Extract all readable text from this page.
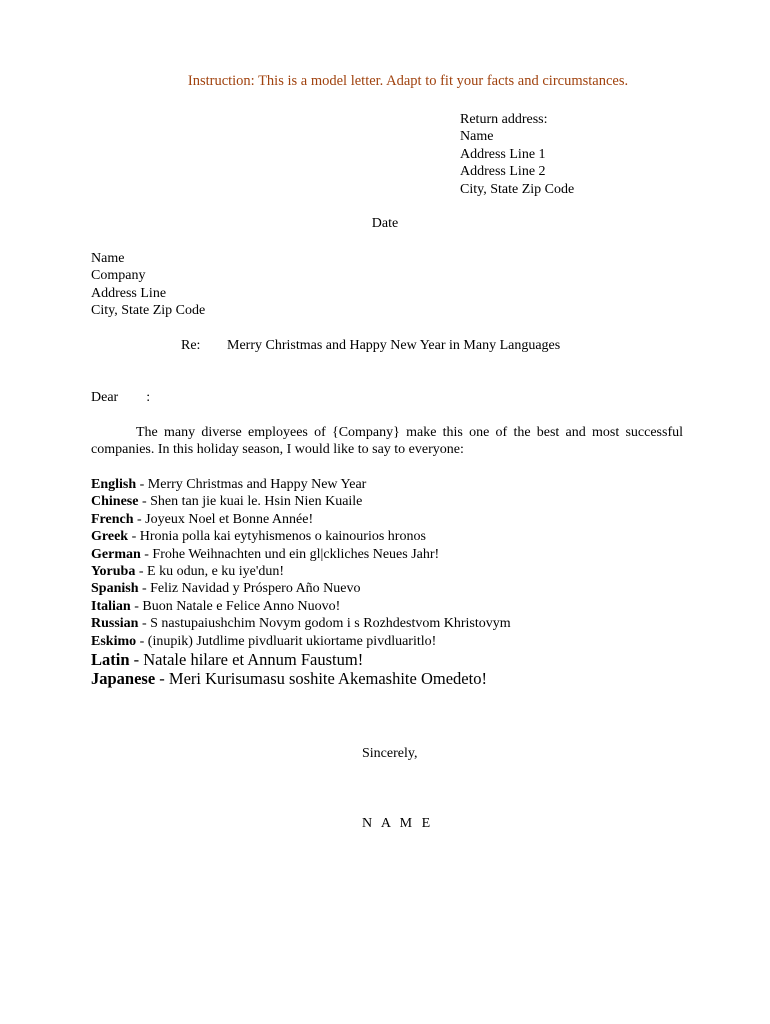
Instruction: This is a model letter. Adapt to fit your facts and circumstances.
Return address:
Name
Address Line 1
Address Line 2
City, State Zip Code
Date
Name
Company
Address Line
City, State Zip Code
Re: Merry Christmas and Happy New Year in Many Languages
Dear :
The many diverse employees of {Company} make this one of the best and most successful companies. In this holiday season, I would like to say to everyone:
English - Merry Christmas and Happy New Year
Chinese - Shen tan jie kuai le. Hsin Nien Kuaile
French - Joyeux Noel et Bonne Année!
Greek - Hronia polla kai eytyhismenos o kainourios hronos
German - Frohe Weihnachten und ein gl|ckliches Neues Jahr!
Yoruba - E ku odun, e ku iye'dun!
Spanish - Feliz Navidad y Próspero Año Nuevo
Italian - Buon Natale e Felice Anno Nuovo!
Russian - S nastupaiushchim Novym godom i s Rozhdestvom Khristovym
Eskimo - (inupik) Jutdlime pivdluarit ukiortame pivdluaritlo!
Latin - Natale hilare et Annum Faustum!
Japanese - Meri Kurisumasu soshite Akemashite Omedeto!
Sincerely,
N A M E
